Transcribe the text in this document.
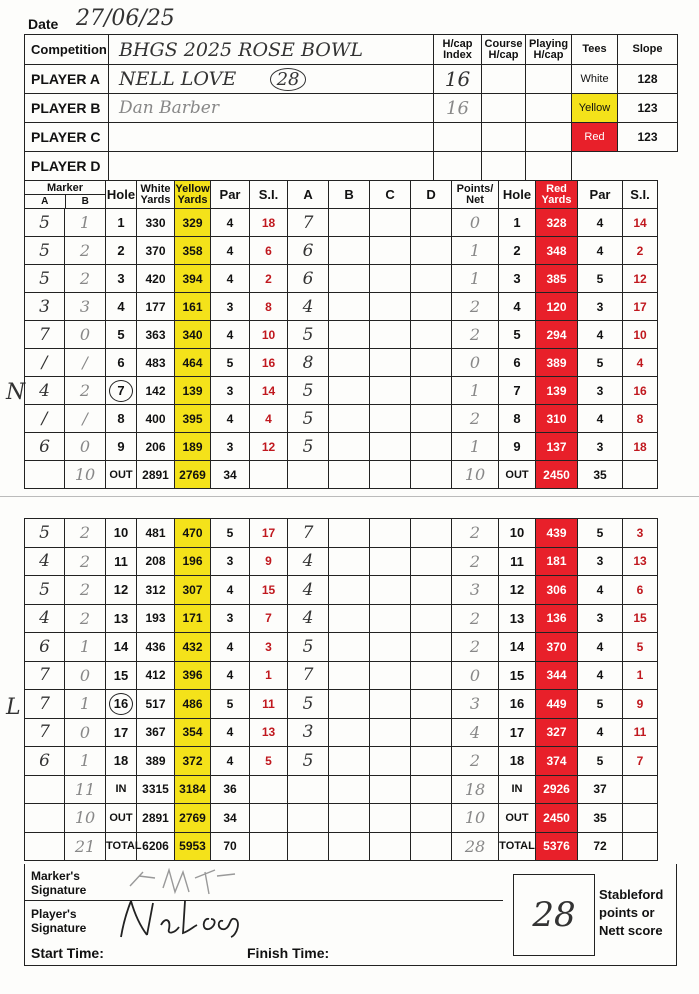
Date 27/06/25
Competition	BHGS 2025 ROSE BOWL	H/cap Index	Course H/cap	Playing H/cap	Tees	Slope
PLAYER A	NELL LOVE 28	16			White	128
PLAYER B	Dan Barber	16			Yellow	123
PLAYER C					Red	123
PLAYER D						
N
Marker
A B		Hole	White Yards	Yellow Yards	Par	S.I.	A	B	C	D	Points/ Net	Hole	Red Yards	Par	S.I.
5	1	1	330	329	4	18	7				0	1	328	4	14
5	2	2	370	358	4	6	6				1	2	348	4	2
5	2	3	420	394	4	2	6				1	3	385	5	12
3	3	4	177	161	3	8	4				2	4	120	3	17
7	0	5	363	340	4	10	5				2	5	294	4	10
/	/	6	483	464	5	16	8				0	6	389	5	4
4	2	7	142	139	3	14	5				1	7	139	3	16
/	/	8	400	395	4	4	5				2	8	310	4	8
6	0	9	206	189	3	12	5				1	9	137	3	18
	10	OUT	2891	2769	34						10	OUT	2450	35	
L
5	2	10	481	470	5	17	7				2	10	439	5	3
4	2	11	208	196	3	9	4				2	11	181	3	13
5	2	12	312	307	4	15	4				3	12	306	4	6
4	2	13	193	171	3	7	4				2	13	136	3	15
6	1	14	436	432	4	3	5				2	14	370	4	5
7	0	15	412	396	4	1	7				0	15	344	4	1
7	1	16	517	486	5	11	5				3	16	449	5	9
7	0	17	367	354	4	13	3				4	17	327	4	11
6	1	18	389	372	4	5	5				2	18	374	5	7
	11	IN	3315	3184	36						18	IN	2926	37	
	10	OUT	2891	2769	34						10	OUT	2450	35	
	21	TOTAL	6206	5953	70						28	TOTAL	5376	72	
Marker's Signature
Player's Signature
Start Time:	Finish Time:
28
Stableford points or Nett score
